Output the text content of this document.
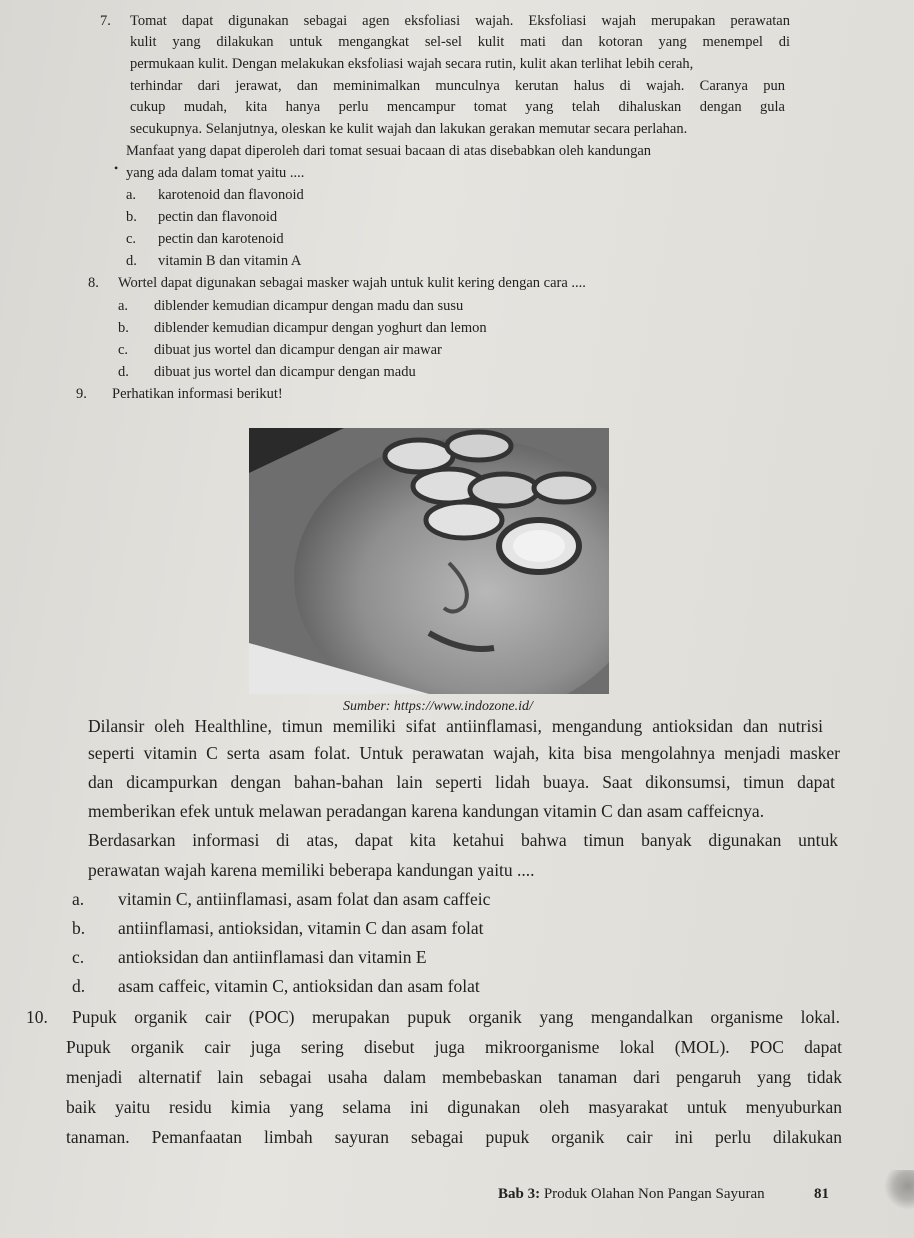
7. Tomat dapat digunakan sebagai agen eksfoliasi wajah. Eksfoliasi wajah merupakan perawatan
kulit yang dilakukan untuk mengangkat sel-sel kulit mati dan kotoran yang menempel di
permukaan kulit. Dengan melakukan eksfoliasi wajah secara rutin, kulit akan terlihat lebih cerah,
terhindar dari jerawat, dan meminimalkan munculnya kerutan halus di wajah. Caranya pun
cukup mudah, kita hanya perlu mencampur tomat yang telah dihaluskan dengan gula
secukupnya. Selanjutnya, oleskan ke kulit wajah dan lakukan gerakan memutar secara perlahan.
•
Manfaat yang dapat diperoleh dari tomat sesuai bacaan di atas disebabkan oleh kandungan
yang ada dalam tomat yaitu ....
a. karotenoid dan flavonoid
b. pectin dan flavonoid
c. pectin dan karotenoid
d. vitamin B dan vitamin A
8. Wortel dapat digunakan sebagai masker wajah untuk kulit kering dengan cara ....
a. diblender kemudian dicampur dengan madu dan susu
b. diblender kemudian dicampur dengan yoghurt dan lemon
c. dibuat jus wortel dan dicampur dengan air mawar
d. dibuat jus wortel dan dicampur dengan madu
9. Perhatikan informasi berikut!
Sumber: https://www.indozone.id/
Dilansir oleh Healthline, timun memiliki sifat antiinflamasi, mengandung antioksidan dan nutrisi
seperti vitamin C serta asam folat. Untuk perawatan wajah, kita bisa mengolahnya menjadi masker
dan dicampurkan dengan bahan-bahan lain seperti lidah buaya. Saat dikonsumsi, timun dapat
memberikan efek untuk melawan peradangan karena kandungan vitamin C dan asam caffeicnya.
Berdasarkan informasi di atas, dapat kita ketahui bahwa timun banyak digunakan untuk
perawatan wajah karena memiliki beberapa kandungan yaitu ....
a. vitamin C, antiinflamasi, asam folat dan asam caffeic
b. antiinflamasi, antioksidan, vitamin C dan asam folat
c. antioksidan dan antiinflamasi dan vitamin E
d. asam caffeic, vitamin C, antioksidan dan asam folat
10. Pupuk organik cair (POC) merupakan pupuk organik yang mengandalkan organisme lokal.
Pupuk organik cair juga sering disebut juga mikroorganisme lokal (MOL). POC dapat
menjadi alternatif lain sebagai usaha dalam membebaskan tanaman dari pengaruh yang tidak
baik yaitu residu kimia yang selama ini digunakan oleh masyarakat untuk menyuburkan
tanaman. Pemanfaatan limbah sayuran sebagai pupuk organik cair ini perlu dilakukan
Bab 3: Produk Olahan Non Pangan Sayuran	81
